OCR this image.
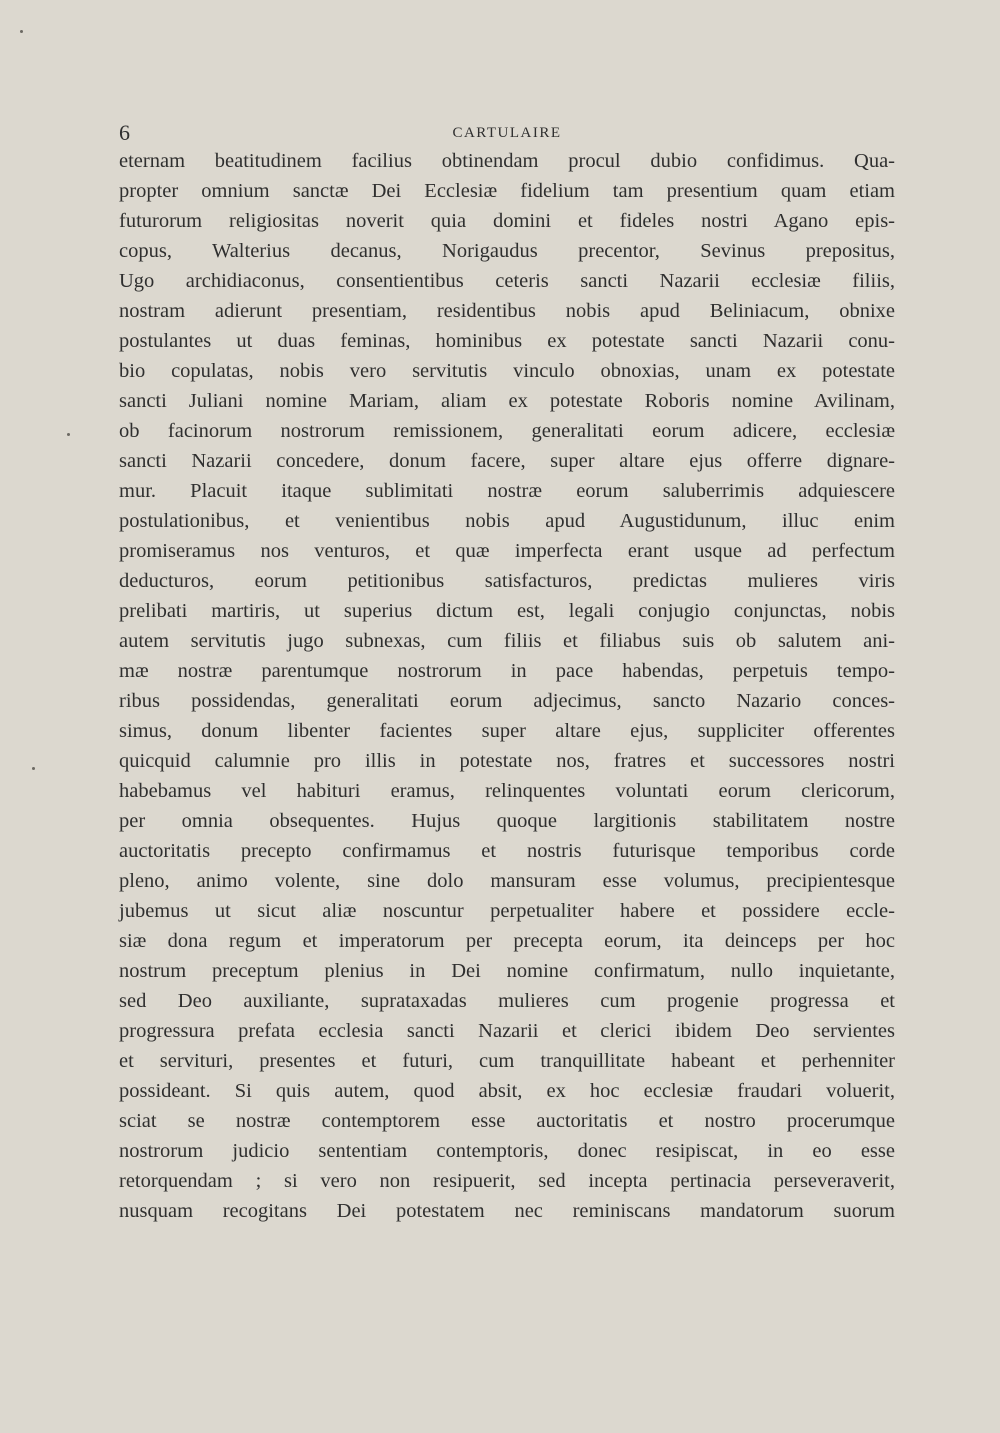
6	CARTULAIRE
eternam beatitudinem facilius obtinendam procul dubio confidimus. Qua-
propter omnium sanctæ Dei Ecclesiæ fidelium tam presentium quam etiam
futurorum religiositas noverit quia domini et fideles nostri Agano epis-
copus, Walterius decanus, Norigaudus precentor, Sevinus prepositus,
Ugo archidiaconus, consentientibus ceteris sancti Nazarii ecclesiæ filiis,
nostram adierunt presentiam, residentibus nobis apud Beliniacum, obnixe
postulantes ut duas feminas, hominibus ex potestate sancti Nazarii conu-
bio copulatas, nobis vero servitutis vinculo obnoxias, unam ex potestate
sancti Juliani nomine Mariam, aliam ex potestate Roboris nomine Avilinam,
ob facinorum nostrorum remissionem, generalitati eorum adicere, ecclesiæ
sancti Nazarii concedere, donum facere, super altare ejus offerre dignare-
mur. Placuit itaque sublimitati nostræ eorum saluberrimis adquiescere
postulationibus, et venientibus nobis apud Augustidunum, illuc enim
promiseramus nos venturos, et quæ imperfecta erant usque ad perfectum
deducturos, eorum petitionibus satisfacturos, predictas mulieres viris
prelibati martiris, ut superius dictum est, legali conjugio conjunctas, nobis
autem servitutis jugo subnexas, cum filiis et filiabus suis ob salutem ani-
mæ nostræ parentumque nostrorum in pace habendas, perpetuis tempo-
ribus possidendas, generalitati eorum adjecimus, sancto Nazario conces-
simus, donum libenter facientes super altare ejus, suppliciter offerentes
quicquid calumnie pro illis in potestate nos, fratres et successores nostri
habebamus vel habituri eramus, relinquentes voluntati eorum clericorum,
per omnia obsequentes. Hujus quoque largitionis stabilitatem nostre
auctoritatis precepto confirmamus et nostris futurisque temporibus corde
pleno, animo volente, sine dolo mansuram esse volumus, precipientesque
jubemus ut sicut aliæ noscuntur perpetualiter habere et possidere eccle-
siæ dona regum et imperatorum per precepta eorum, ita deinceps per hoc
nostrum preceptum plenius in Dei nomine confirmatum, nullo inquietante,
sed Deo auxiliante, suprataxadas mulieres cum progenie progressa et
progressura prefata ecclesia sancti Nazarii et clerici ibidem Deo servientes
et servituri, presentes et futuri, cum tranquillitate habeant et perhenniter
possideant. Si quis autem, quod absit, ex hoc ecclesiæ fraudari voluerit,
sciat se nostræ contemptorem esse auctoritatis et nostro procerumque
nostrorum judicio sententiam contemptoris, donec resipiscat, in eo esse
retorquendam ; si vero non resipuerit, sed incepta pertinacia perseveraverit,
nusquam recogitans Dei potestatem nec reminiscans mandatorum suorum
